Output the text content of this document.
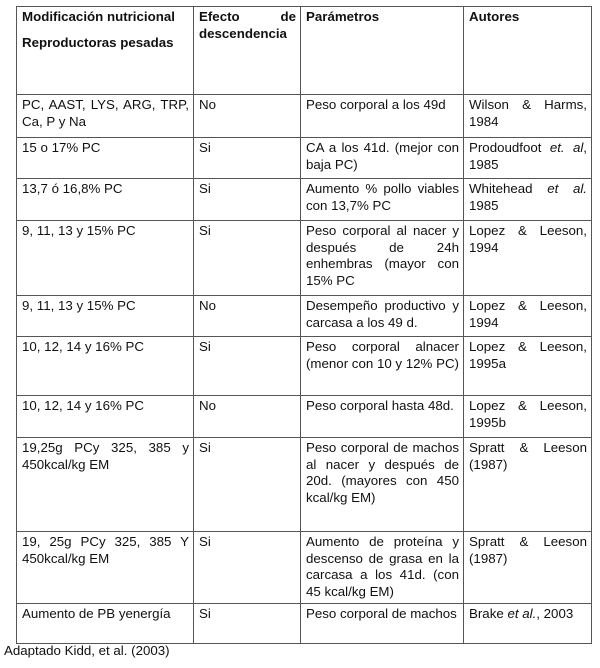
Modificación nutricional
Reproductoras pesadas	Efecto de descendencia	Parámetros	Autores
PC, AAST, LYS, ARG, TRP, Ca, P y Na	No	Peso corporal a los 49d	Wilson & Harms, 1984
15 o 17% PC	Si	CA a los 41d. (mejor con baja PC)	Prodoudfoot et. al, 1985
13,7 ó 16,8% PC	Si	Aumento % pollo viables con 13,7% PC	Whitehead et al. 1985
9, 11, 13 y 15% PC	Si	Peso corporal al nacer y después de 24h enhembras (mayor con 15% PC	Lopez & Leeson, 1994
9, 11, 13 y 15% PC	No	Desempeño productivo y carcasa a los 49 d.	Lopez & Leeson, 1994
10, 12, 14 y 16% PC	Si	Peso corporal alnacer (menor con 10 y 12% PC)	Lopez & Leeson, 1995a
10, 12, 14 y 16% PC	No	Peso corporal hasta 48d.	Lopez & Leeson, 1995b
19,25g PCy 325, 385 y 450kcal/kg EM	Si	Peso corporal de machos al nacer y después de 20d. (mayores con 450 kcal/kg EM)	Spratt & Leeson (1987)
19, 25g PCy 325, 385 Y 450kcal/kg EM	Si	Aumento de proteína y descenso de grasa en la carcasa a los 41d. (con 45 kcal/kg EM)	Spratt & Leeson (1987)
Aumento de PB yenergía	Si	Peso corporal de machos	Brake et al., 2003
Adaptado Kidd, et al. (2003)
